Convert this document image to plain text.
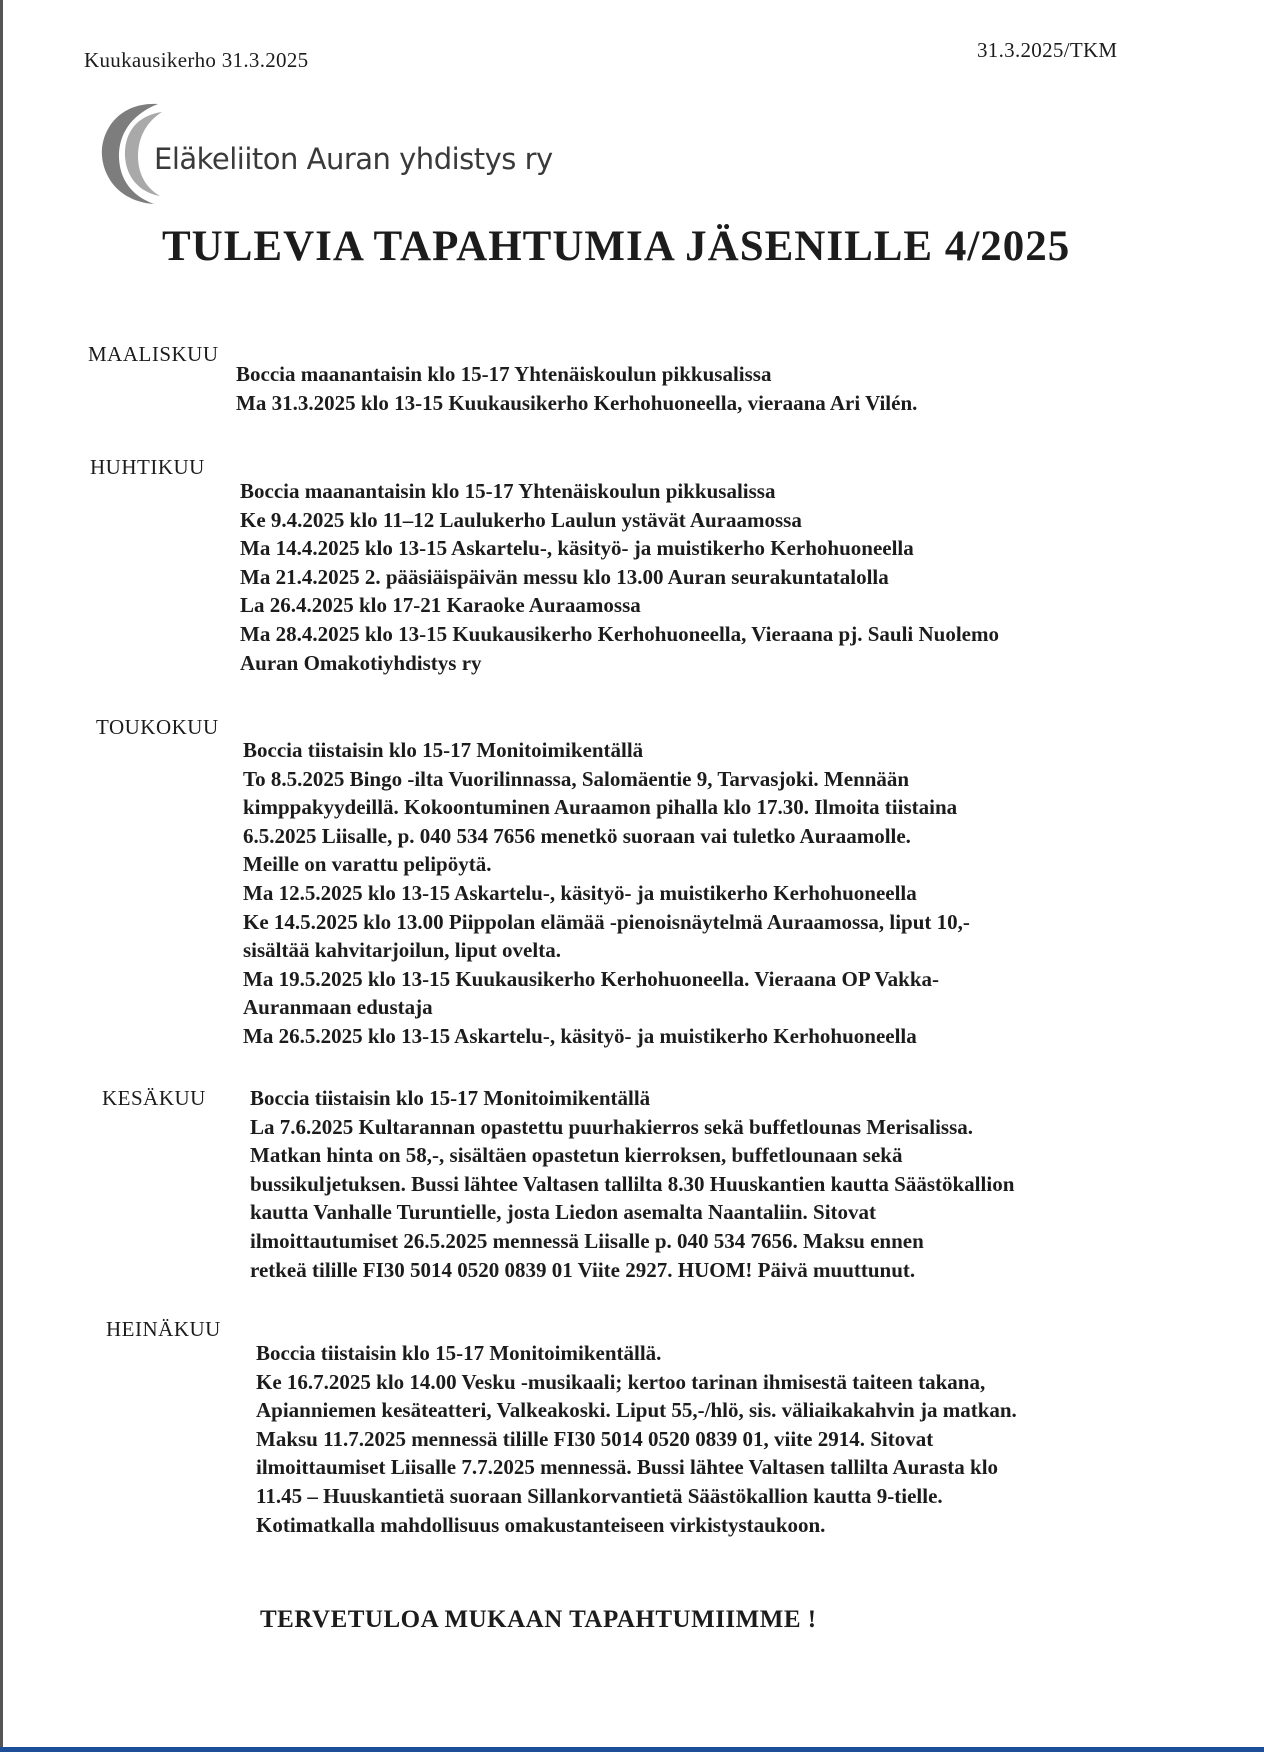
Kuukausikerho 31.3.2025	31.3.2025/TKM
Eläkeliiton Auran yhdistys ry
TULEVIA TAPAHTUMIA JÄSENILLE 4/2025
MAALISKUU
Boccia maanantaisin klo 15-17 Yhtenäiskoulun pikkusalissa
Ma 31.3.2025 klo 13-15 Kuukausikerho Kerhohuoneella, vieraana Ari Vilén.
HUHTIKUU
Boccia maanantaisin klo 15-17 Yhtenäiskoulun pikkusalissa
Ke 9.4.2025 klo 11–12 Laulukerho Laulun ystävät Auraamossa
Ma 14.4.2025 klo 13-15 Askartelu-, käsityö- ja muistikerho Kerhohuoneella
Ma 21.4.2025 2. pääsiäispäivän messu klo 13.00 Auran seurakuntatalolla
La 26.4.2025 klo 17-21 Karaoke Auraamossa
Ma 28.4.2025 klo 13-15 Kuukausikerho Kerhohuoneella, Vieraana pj. Sauli Nuolemo
Auran Omakotiyhdistys ry
TOUKOKUU
Boccia tiistaisin klo 15-17 Monitoimikentällä
To 8.5.2025 Bingo -ilta Vuorilinnassa, Salomäentie 9, Tarvasjoki. Mennään
kimppakyydeillä. Kokoontuminen Auraamon pihalla klo 17.30. Ilmoita tiistaina
6.5.2025 Liisalle, p. 040 534 7656 menetkö suoraan vai tuletko Auraamolle.
Meille on varattu pelipöytä.
Ma 12.5.2025 klo 13-15 Askartelu-, käsityö- ja muistikerho Kerhohuoneella
Ke 14.5.2025 klo 13.00 Piippolan elämää -pienoisnäytelmä Auraamossa, liput 10,-
sisältää kahvitarjoilun, liput ovelta.
Ma 19.5.2025 klo 13-15 Kuukausikerho Kerhohuoneella. Vieraana OP Vakka-
Auranmaan edustaja
Ma 26.5.2025 klo 13-15 Askartelu-, käsityö- ja muistikerho Kerhohuoneella
KESÄKUU Boccia tiistaisin klo 15-17 Monitoimikentällä
La 7.6.2025 Kultarannan opastettu puurhakierros sekä buffetlounas Merisalissa.
Matkan hinta on 58,-, sisältäen opastetun kierroksen, buffetlounaan sekä
bussikuljetuksen. Bussi lähtee Valtasen tallilta 8.30 Huuskantien kautta Säästökallion
kautta Vanhalle Turuntielle, josta Liedon asemalta Naantaliin. Sitovat
ilmoittautumiset 26.5.2025 mennessä Liisalle p. 040 534 7656. Maksu ennen
retkeä tilille FI30 5014 0520 0839 01 Viite 2927. HUOM! Päivä muuttunut.
HEINÄKUU
Boccia tiistaisin klo 15-17 Monitoimikentällä.
Ke 16.7.2025 klo 14.00 Vesku -musikaali; kertoo tarinan ihmisestä taiteen takana,
Apianniemen kesäteatteri, Valkeakoski. Liput 55,-/hlö, sis. väliaikakahvin ja matkan.
Maksu 11.7.2025 mennessä tilille FI30 5014 0520 0839 01, viite 2914. Sitovat
ilmoittaumiset Liisalle 7.7.2025 mennessä. Bussi lähtee Valtasen tallilta Aurasta klo
11.45 – Huuskantietä suoraan Sillankorvantietä Säästökallion kautta 9-tielle.
Kotimatkalla mahdollisuus omakustanteiseen virkistystaukoon.
TERVETULOA MUKAAN TAPAHTUMIIMME !
